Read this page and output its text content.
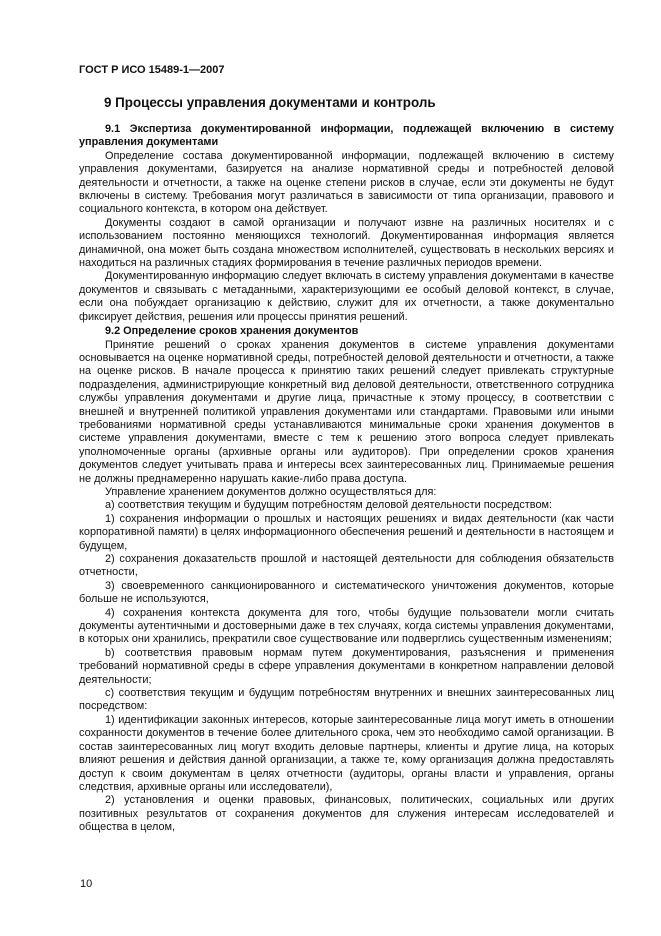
ГОСТ Р ИСО 15489-1—2007
9 Процессы управления документами и контроль

9.1 Экспертиза документированной информации, подлежащей включению в систему управления документами

Определение состава документированной информации, подлежащей включению в систему управления документами, базируется на анализе нормативной среды и потребностей деловой деятельности и отчетности, а также на оценке степени рисков в случае, если эти документы не будут включены в систему. Требования могут различаться в зависимости от типа организации, правового и социального контекста, в котором она действует.

Документы создают в самой организации и получают извне на различных носителях и с использованием постоянно меняющихся технологий. Документированная информация является динамичной, она может быть создана множеством исполнителей, существовать в нескольких версиях и находиться на различных стадиях формирования в течение различных периодов времени.

Документированную информацию следует включать в систему управления документами в качестве документов и связывать с метаданными, характеризующими ее особый деловой контекст, в случае, если она побуждает организацию к действию, служит для их отчетности, а также документально фиксирует действия, решения или процессы принятия решений.

9.2 Определение сроков хранения документов

Принятие решений о сроках хранения документов в системе управления документами основывается на оценке нормативной среды, потребностей деловой деятельности и отчетности, а также на оценке рисков. В начале процесса к принятию таких решений следует привлекать структурные подразделения, администрирующие конкретный вид деловой деятельности, ответственного сотрудника службы управления документами и другие лица, причастные к этому процессу, в соответствии с внешней и внутренней политикой управления документами или стандартами. Правовыми или иными требованиями нормативной среды устанавливаются минимальные сроки хранения документов в системе управления документами, вместе с тем к решению этого вопроса следует привлекать уполномоченные органы (архивные органы или аудиторов). При определении сроков хранения документов следует учитывать права и интересы всех заинтересованных лиц. Принимаемые решения не должны преднамеренно нарушать какие-либо права доступа.

Управление хранением документов должно осуществляться для:

a) соответствия текущим и будущим потребностям деловой деятельности посредством:

1) сохранения информации о прошлых и настоящих решениях и видах деятельности (как части корпоративной памяти) в целях информационного обеспечения решений и деятельности в настоящем и будущем,

2) сохранения доказательств прошлой и настоящей деятельности для соблюдения обязательств отчетности,

3) своевременного санкционированного и систематического уничтожения документов, которые больше не используются,

4) сохранения контекста документа для того, чтобы будущие пользователи могли считать документы аутентичными и достоверными даже в тех случаях, когда системы управления документами, в которых они хранились, прекратили свое существование или подверглись существенным изменениям;

b) соответствия правовым нормам путем документирования, разъяснения и применения требований нормативной среды в сфере управления документами в конкретном направлении деловой деятельности;

c) соответствия текущим и будущим потребностям внутренних и внешних заинтересованных лиц посредством:

1) идентификации законных интересов, которые заинтересованные лица могут иметь в отношении сохранности документов в течение более длительного срока, чем это необходимо самой организации. В состав заинтересованных лиц могут входить деловые партнеры, клиенты и другие лица, на которых влияют решения и действия данной организации, а также те, кому организация должна предоставлять доступ к своим документам в целях отчетности (аудиторы, органы власти и управления, органы следствия, архивные органы или исследователи),

2) установления и оценки правовых, финансовых, политических, социальных или других позитивных результатов от сохранения документов для служения интересам исследователей и общества в целом,

10
